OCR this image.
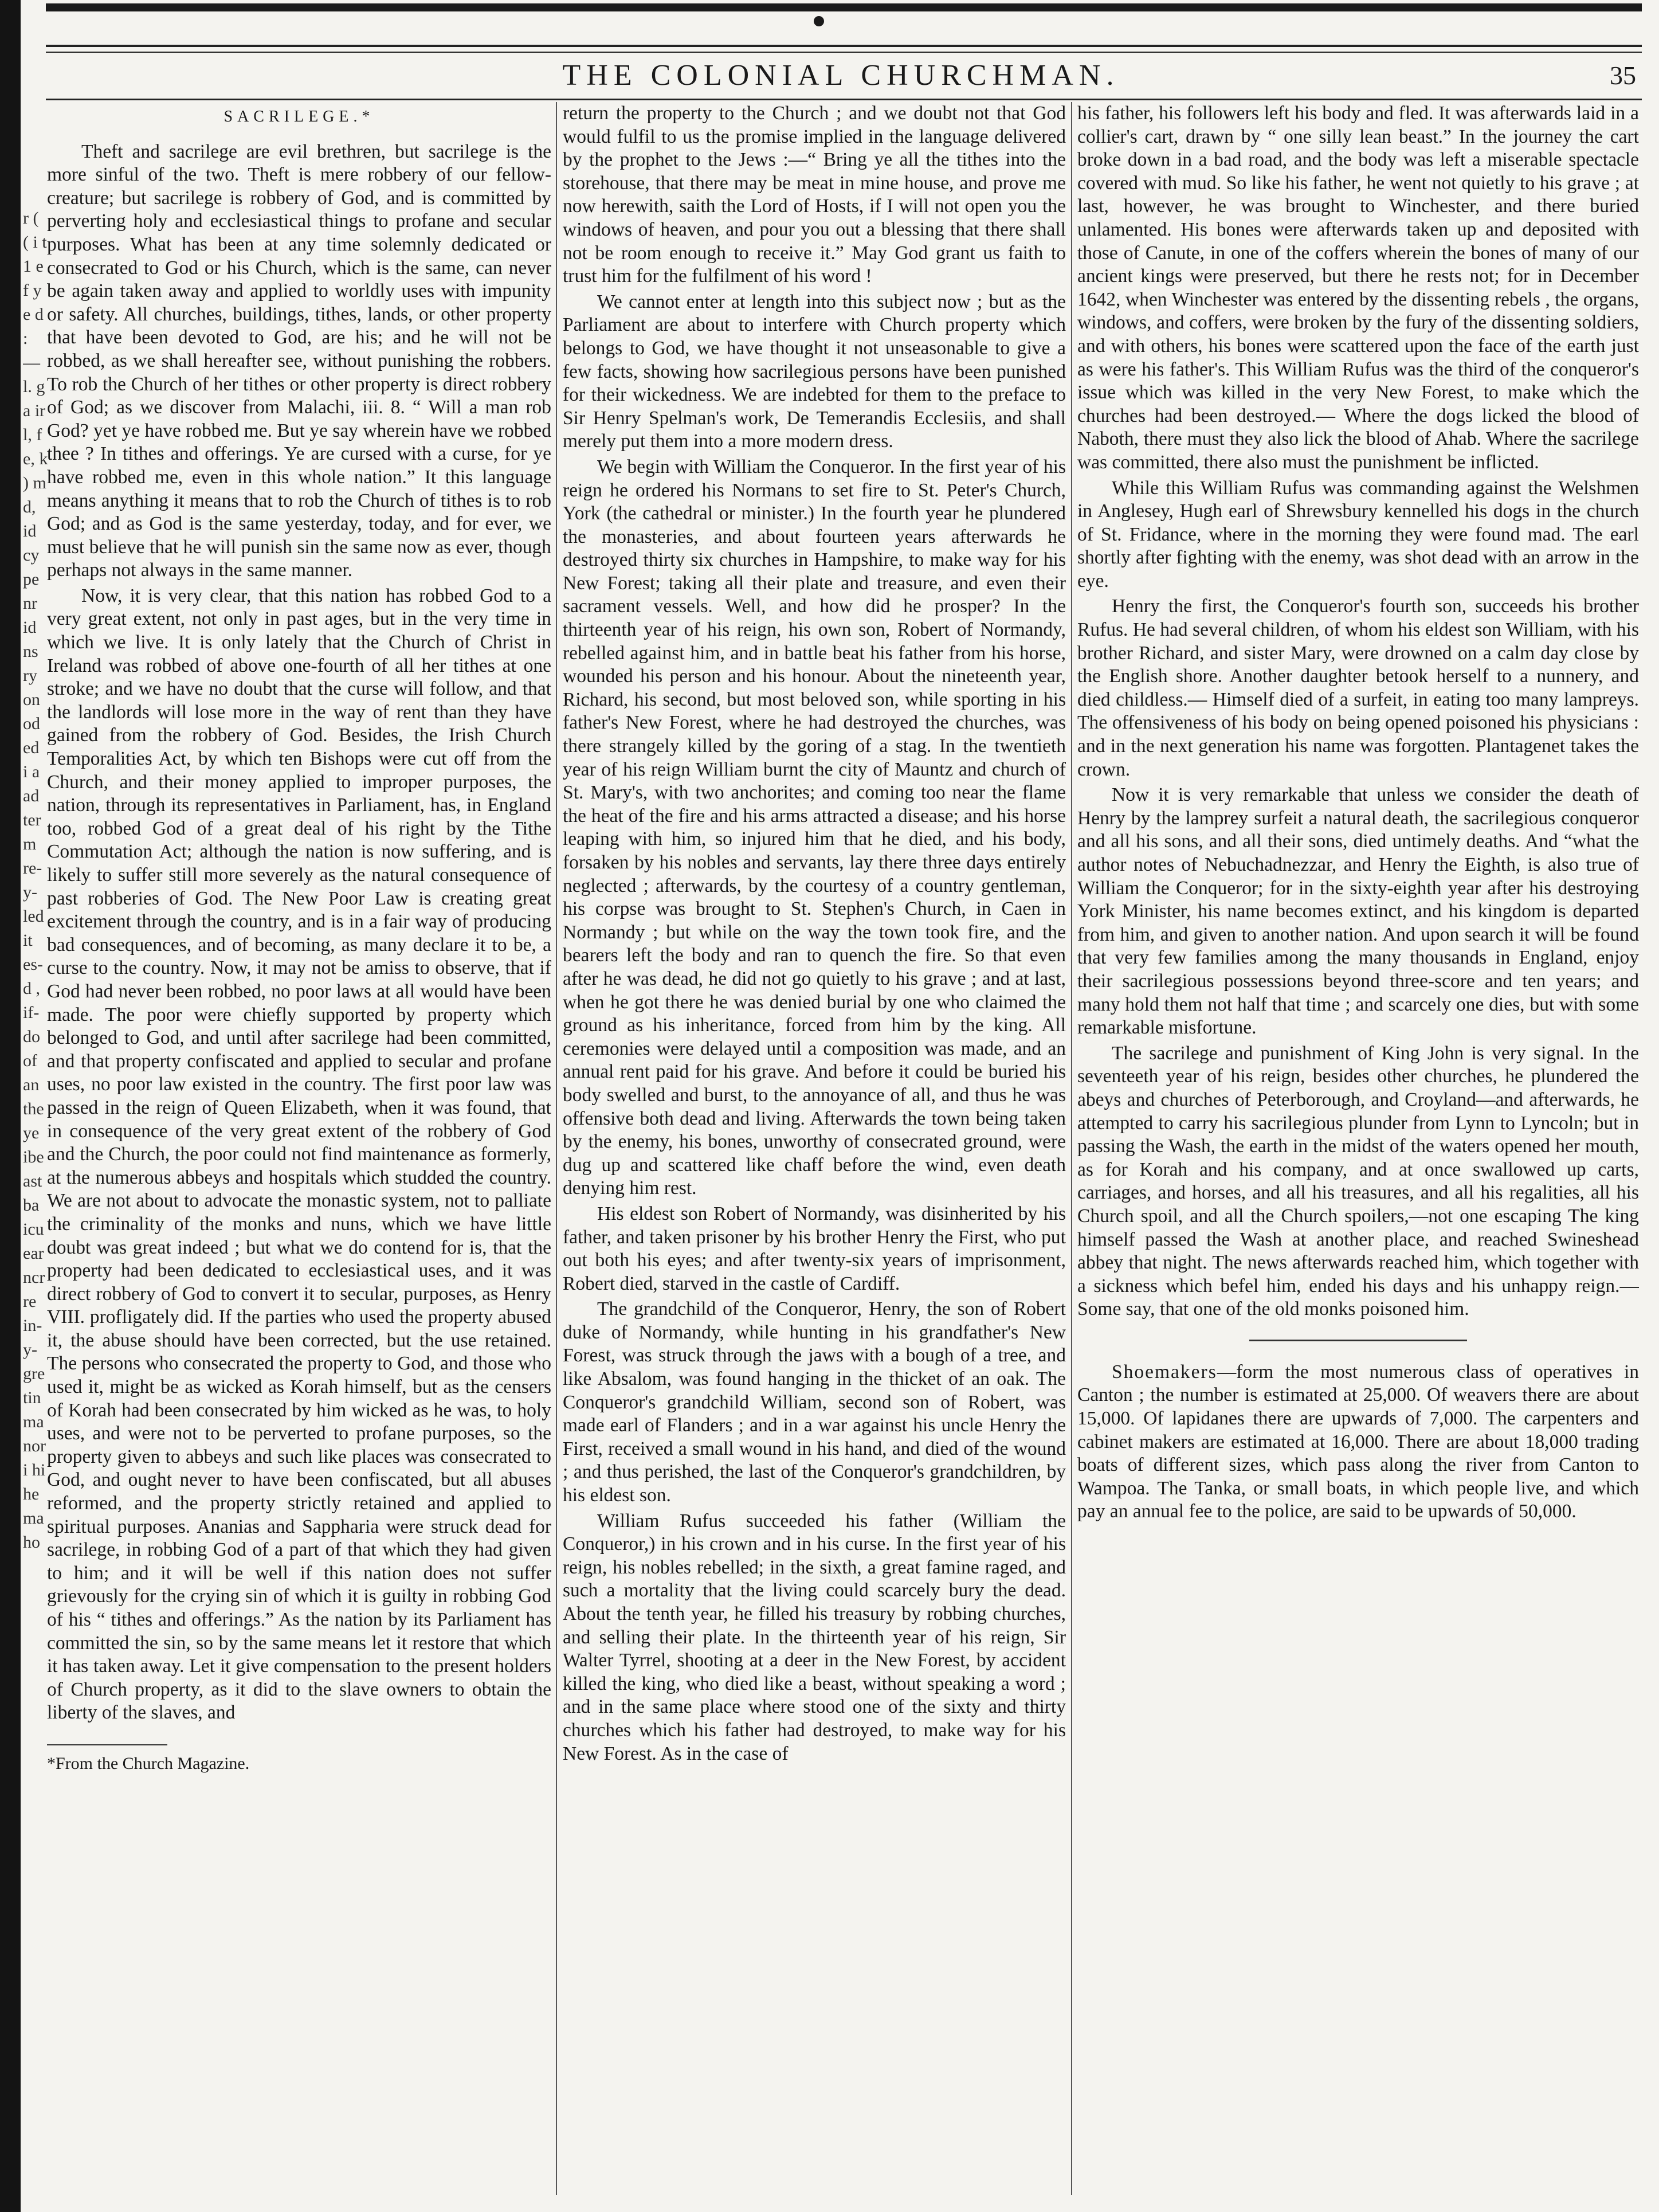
r ( ( i t 1 e f y e d : — l. g a ir l, f e, k ) m d, id cy pe nr id ns ry on od ed i a ad ter m re- y- led it es- d , if- do of an the ye ibe ast ba icu ear ncr re in- y- gre tin ma nor i hi he ma ho
THE COLONIAL CHURCHMAN.	35
SACRILEGE.*

Theft and sacrilege are evil brethren, but sacrilege is the more sinful of the two. Theft is mere robbery of our fellow-creature; but sacrilege is robbery of God, and is committed by perverting holy and ecclesiastical things to profane and secular purposes. What has been at any time solemnly dedicated or consecrated to God or his Church, which is the same, can never be again taken away and applied to worldly uses with impunity or safety. All churches, buildings, tithes, lands, or other property that have been devoted to God, are his; and he will not be robbed, as we shall hereafter see, without punishing the robbers. To rob the Church of her tithes or other property is direct robbery of God; as we discover from Malachi, iii. 8. “ Will a man rob God? yet ye have robbed me. But ye say wherein have we robbed thee ? In tithes and offerings. Ye are cursed with a curse, for ye have robbed me, even in this whole nation.” It this language means anything it means that to rob the Church of tithes is to rob God; and as God is the same yesterday, today, and for ever, we must believe that he will punish sin the same now as ever, though perhaps not always in the same manner.

Now, it is very clear, that this nation has robbed God to a very great extent, not only in past ages, but in the very time in which we live. It is only lately that the Church of Christ in Ireland was robbed of above one-fourth of all her tithes at one stroke; and we have no doubt that the curse will follow, and that the landlords will lose more in the way of rent than they have gained from the robbery of God. Besides, the Irish Church Temporalities Act, by which ten Bishops were cut off from the Church, and their money applied to improper purposes, the nation, through its representatives in Parliament, has, in England too, robbed God of a great deal of his right by the Tithe Commutation Act; although the nation is now suffering, and is likely to suffer still more severely as the natural consequence of past robberies of God. The New Poor Law is creating great excitement through the country, and is in a fair way of producing bad consequences, and of becoming, as many declare it to be, a curse to the country. Now, it may not be amiss to observe, that if God had never been robbed, no poor laws at all would have been made. The poor were chiefly supported by property which belonged to God, and until after sacrilege had been committed, and that property confiscated and applied to secular and profane uses, no poor law existed in the country. The first poor law was passed in the reign of Queen Elizabeth, when it was found, that in consequence of the very great extent of the robbery of God and the Church, the poor could not find maintenance as formerly, at the numerous abbeys and hospitals which studded the country. We are not about to advocate the monastic system, not to palliate the criminality of the monks and nuns, which we have little doubt was great indeed ; but what we do contend for is, that the property had been dedicated to ecclesiastical uses, and it was direct robbery of God to convert it to secular, purposes, as Henry VIII. profligately did. If the parties who used the property abused it, the abuse should have been corrected, but the use retained. The persons who consecrated the property to God, and those who used it, might be as wicked as Korah himself, but as the censers of Korah had been consecrated by him wicked as he was, to holy uses, and were not to be perverted to profane purposes, so the property given to abbeys and such like places was consecrated to God, and ought never to have been confiscated, but all abuses reformed, and the property strictly retained and applied to spiritual purposes. Ananias and Sappharia were struck dead for sacrilege, in robbing God of a part of that which they had given to him; and it will be well if this nation does not suffer grievously for the crying sin of which it is guilty in robbing God of his “ tithes and offerings.” As the nation by its Parliament has committed the sin, so by the same means let it restore that which it has taken away. Let it give compensation to the present holders of Church property, as it did to the slave owners to obtain the liberty of the slaves, and

*From the Church Magazine.

return the property to the Church ; and we doubt not that God would fulfil to us the promise implied in the language delivered by the prophet to the Jews :—“ Bring ye all the tithes into the storehouse, that there may be meat in mine house, and prove me now herewith, saith the Lord of Hosts, if I will not open you the windows of heaven, and pour you out a blessing that there shall not be room enough to receive it.” May God grant us faith to trust him for the fulfilment of his word !

We cannot enter at length into this subject now ; but as the Parliament are about to interfere with Church property which belongs to God, we have thought it not unseasonable to give a few facts, showing how sacrilegious persons have been punished for their wickedness. We are indebted for them to the preface to Sir Henry Spelman's work, De Temerandis Ecclesiis, and shall merely put them into a more modern dress.

We begin with William the Conqueror. In the first year of his reign he ordered his Normans to set fire to St. Peter's Church, York (the cathedral or minister.) In the fourth year he plundered the monasteries, and about fourteen years afterwards he destroyed thirty six churches in Hampshire, to make way for his New Forest; taking all their plate and treasure, and even their sacrament vessels. Well, and how did he prosper? In the thirteenth year of his reign, his own son, Robert of Normandy, rebelled against him, and in battle beat his father from his horse, wounded his person and his honour. About the nineteenth year, Richard, his second, but most beloved son, while sporting in his father's New Forest, where he had destroyed the churches, was there strangely killed by the goring of a stag. In the twentieth year of his reign William burnt the city of Mauntz and church of St. Mary's, with two anchorites; and coming too near the flame the heat of the fire and his arms attracted a disease; and his horse leaping with him, so injured him that he died, and his body, forsaken by his nobles and servants, lay there three days entirely neglected ; afterwards, by the courtesy of a country gentleman, his corpse was brought to St. Stephen's Church, in Caen in Normandy ; but while on the way the town took fire, and the bearers left the body and ran to quench the fire. So that even after he was dead, he did not go quietly to his grave ; and at last, when he got there he was denied burial by one who claimed the ground as his inheritance, forced from him by the king. All ceremonies were delayed until a composition was made, and an annual rent paid for his grave. And before it could be buried his body swelled and burst, to the annoyance of all, and thus he was offensive both dead and living. Afterwards the town being taken by the enemy, his bones, unworthy of consecrated ground, were dug up and scattered like chaff before the wind, even death denying him rest.

His eldest son Robert of Normandy, was disinherited by his father, and taken prisoner by his brother Henry the First, who put out both his eyes; and after twenty-six years of imprisonment, Robert died, starved in the castle of Cardiff.

The grandchild of the Conqueror, Henry, the son of Robert duke of Normandy, while hunting in his grandfather's New Forest, was struck through the jaws with a bough of a tree, and like Absalom, was found hanging in the thicket of an oak. The Conqueror's grandchild William, second son of Robert, was made earl of Flanders ; and in a war against his uncle Henry the First, received a small wound in his hand, and died of the wound ; and thus perished, the last of the Conqueror's grandchildren, by his eldest son.

William Rufus succeeded his father (William the Conqueror,) in his crown and in his curse. In the first year of his reign, his nobles rebelled; in the sixth, a great famine raged, and such a mortality that the living could scarcely bury the dead. About the tenth year, he filled his treasury by robbing churches, and selling their plate. In the thirteenth year of his reign, Sir Walter Tyrrel, shooting at a deer in the New Forest, by accident killed the king, who died like a beast, without speaking a word ; and in the same place where stood one of the sixty and thirty churches which his father had destroyed, to make way for his New Forest. As in the case of

his father, his followers left his body and fled. It was afterwards laid in a collier's cart, drawn by “ one silly lean beast.” In the journey the cart broke down in a bad road, and the body was left a miserable spectacle covered with mud. So like his father, he went not quietly to his grave ; at last, however, he was brought to Winchester, and there buried unlamented. His bones were afterwards taken up and deposited with those of Canute, in one of the coffers wherein the bones of many of our ancient kings were preserved, but there he rests not; for in December 1642, when Winchester was entered by the dissenting rebels , the organs, windows, and coffers, were broken by the fury of the dissenting soldiers, and with others, his bones were scattered upon the face of the earth just as were his father's. This William Rufus was the third of the conqueror's issue which was killed in the very New Forest, to make which the churches had been destroyed.— Where the dogs licked the blood of Naboth, there must they also lick the blood of Ahab. Where the sacrilege was committed, there also must the punishment be inflicted.

While this William Rufus was commanding against the Welshmen in Anglesey, Hugh earl of Shrewsbury kennelled his dogs in the church of St. Fridance, where in the morning they were found mad. The earl shortly after fighting with the enemy, was shot dead with an arrow in the eye.

Henry the first, the Conqueror's fourth son, succeeds his brother Rufus. He had several children, of whom his eldest son William, with his brother Richard, and sister Mary, were drowned on a calm day close by the English shore. Another daughter betook herself to a nunnery, and died childless.— Himself died of a surfeit, in eating too many lampreys. The offensiveness of his body on being opened poisoned his physicians : and in the next generation his name was forgotten. Plantagenet takes the crown.

Now it is very remarkable that unless we consider the death of Henry by the lamprey surfeit a natural death, the sacrilegious conqueror and all his sons, and all their sons, died untimely deaths. And “what the author notes of Nebuchadnezzar, and Henry the Eighth, is also true of William the Conqueror; for in the sixty-eighth year after his destroying York Minister, his name becomes extinct, and his kingdom is departed from him, and given to another nation. And upon search it will be found that very few families among the many thousands in England, enjoy their sacrilegious possessions beyond three-score and ten years; and many hold them not half that time ; and scarcely one dies, but with some remarkable misfortune.

The sacrilege and punishment of King John is very signal. In the seventeeth year of his reign, besides other churches, he plundered the abeys and churches of Peterborough, and Croyland—and afterwards, he attempted to carry his sacrilegious plunder from Lynn to Lyncoln; but in passing the Wash, the earth in the midst of the waters opened her mouth, as for Korah and his company, and at once swallowed up carts, carriages, and horses, and all his treasures, and all his regalities, all his Church spoil, and all the Church spoilers,—not one escaping The king himself passed the Wash at another place, and reached Swineshead abbey that night. The news afterwards reached him, which together with a sickness which befel him, ended his days and his unhappy reign.— Some say, that one of the old monks poisoned him.

Shoemakers—form the most numerous class of operatives in Canton ; the number is estimated at 25,000. Of weavers there are about 15,000. Of lapidanes there are upwards of 7,000. The carpenters and cabinet makers are estimated at 16,000. There are about 18,000 trading boats of different sizes, which pass along the river from Canton to Wampoa. The Tanka, or small boats, in which people live, and which pay an annual fee to the police, are said to be upwards of 50,000.
